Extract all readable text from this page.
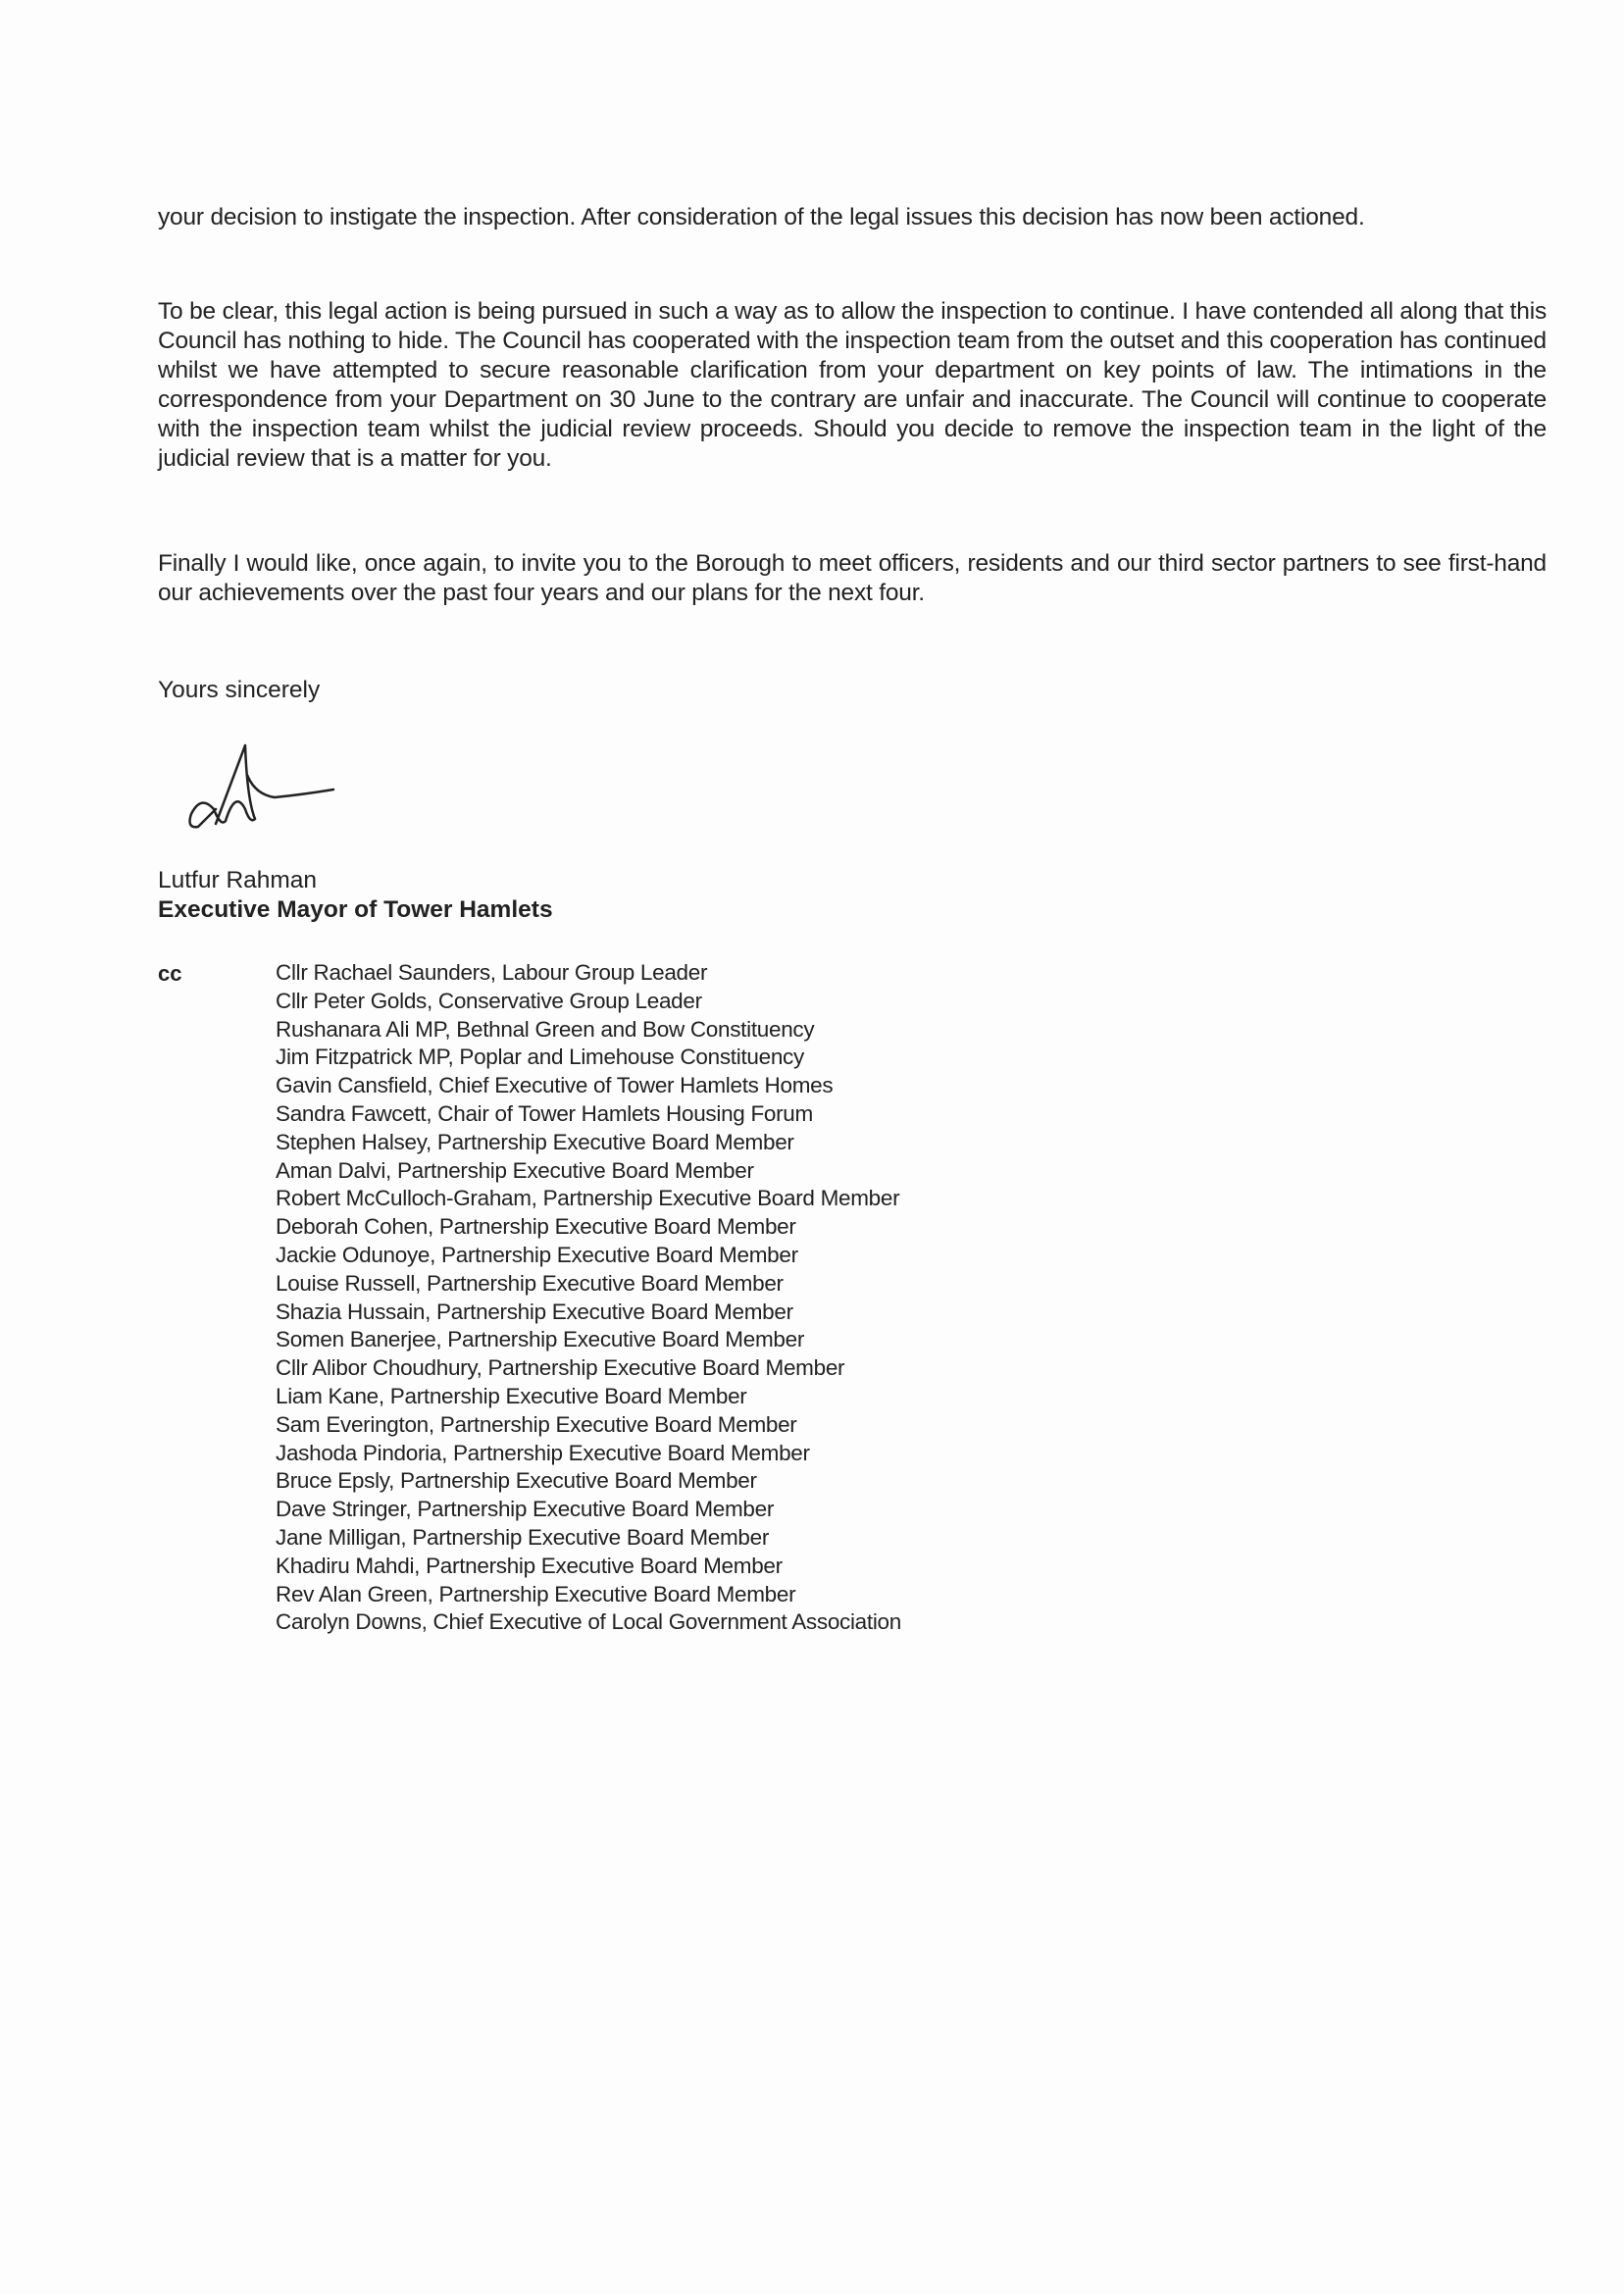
your decision to instigate the inspection. After consideration of the legal issues this decision has now been actioned.

To be clear, this legal action is being pursued in such a way as to allow the inspection to continue. I have contended all along that this Council has nothing to hide. The Council has cooperated with the inspection team from the outset and this cooperation has continued whilst we have attempted to secure reasonable clarification from your department on key points of law. The intimations in the correspondence from your Department on 30 June to the contrary are unfair and inaccurate. The Council will continue to cooperate with the inspection team whilst the judicial review proceeds. Should you decide to remove the inspection team in the light of the judicial review that is a matter for you.

Finally I would like, once again, to invite you to the Borough to meet officers, residents and our third sector partners to see first-hand our achievements over the past four years and our plans for the next four.

Yours sincerely
Lutfur Rahman
Executive Mayor of Tower Hamlets
cc	Cllr Rachael Saunders, Labour Group Leader
Cllr Peter Golds, Conservative Group Leader
Rushanara Ali MP, Bethnal Green and Bow Constituency
Jim Fitzpatrick MP, Poplar and Limehouse Constituency
Gavin Cansfield, Chief Executive of Tower Hamlets Homes
Sandra Fawcett, Chair of Tower Hamlets Housing Forum
Stephen Halsey, Partnership Executive Board Member
Aman Dalvi, Partnership Executive Board Member
Robert McCulloch-Graham, Partnership Executive Board Member
Deborah Cohen, Partnership Executive Board Member
Jackie Odunoye, Partnership Executive Board Member
Louise Russell, Partnership Executive Board Member
Shazia Hussain, Partnership Executive Board Member
Somen Banerjee, Partnership Executive Board Member
Cllr Alibor Choudhury, Partnership Executive Board Member
Liam Kane, Partnership Executive Board Member
Sam Everington, Partnership Executive Board Member
Jashoda Pindoria, Partnership Executive Board Member
Bruce Epsly, Partnership Executive Board Member
Dave Stringer, Partnership Executive Board Member
Jane Milligan, Partnership Executive Board Member
Khadiru Mahdi, Partnership Executive Board Member
Rev Alan Green, Partnership Executive Board Member
Carolyn Downs, Chief Executive of Local Government Association
